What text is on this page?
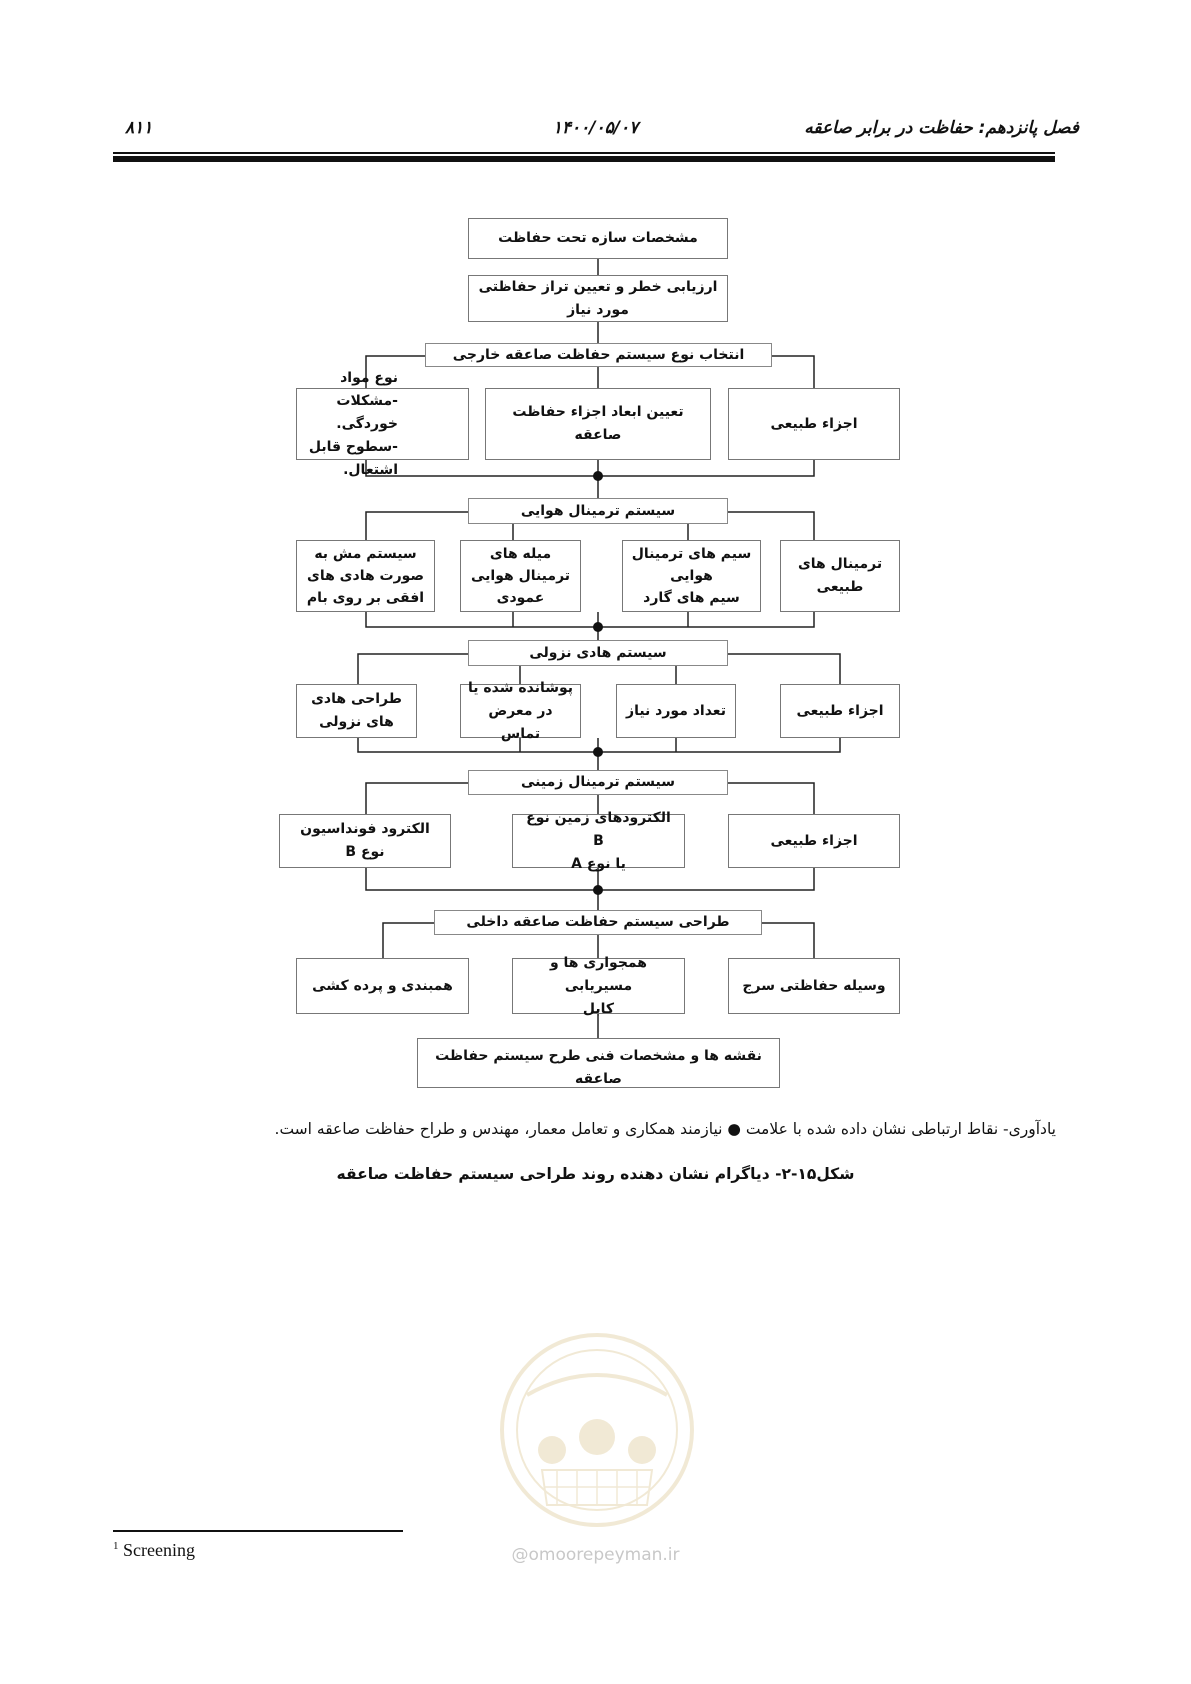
۸۱۱	۱۴۰۰/۰۵/۰۷	فصل پانزدهم: حفاظت در برابر صاعقه
مشخصات سازه تحت حفاظت
ارزیابی خطر و تعیین تراز حفاظتی
مورد نیاز
انتخاب نوع سیستم حفاظت صاعقه خارجی
اجزاء طبیعی
تعیین ابعاد اجزاء حفاظت صاعقه
نوع مواد
-مشکلات خوردگی.
-سطوح قابل اشتعال.
سیستم ترمینال هوایی
ترمینال های
طبیعی
سیم های ترمینال
هوایی
سیم های گارد
میله های
ترمینال هوایی
عمودی
سیستم مش به
صورت هادی های
افقی بر روی بام
سیستم هادی نزولی
اجزاء طبیعی
تعداد مورد نیاز
پوشانده شده یا
در معرض تماس
طراحی هادی
های نزولی
سیستم ترمینال زمینی
اجزاء طبیعی
الکترودهای زمین نوع B
یا نوع A
الکترود فونداسیون
نوع B
طراحی سیستم حفاظت صاعقه داخلی
وسیله حفاظتی سرج
همجواری ها و مسیریابی
کابل
همبندی و پرده کشی
نقشه ها و مشخصات فنی طرح سیستم حفاظت صاعقه
یادآوری- نقاط ارتباطی نشان داده شده با علامت ● نیازمند همکاری و تعامل معمار، مهندس و طراح حفاظت صاعقه است.
شکل۱۵-۲- دیاگرام نشان دهنده روند طراحی سیستم حفاظت صاعقه
@omoorepeyman.ir
$^1$ Screening
